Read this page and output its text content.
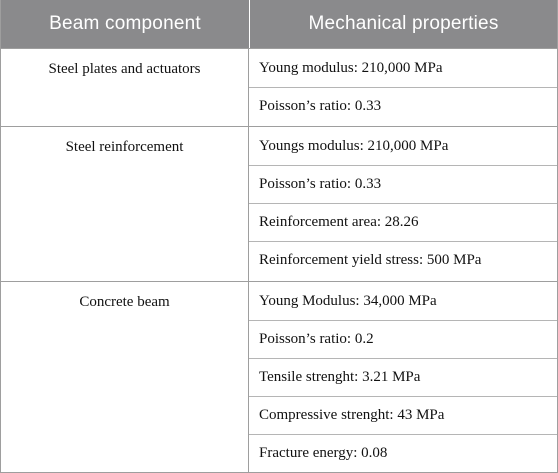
Beam component	Mechanical properties
Steel plates and actuators	Young modulus: 210,000 MPa
Poisson’s ratio: 0.33
Steel reinforcement	Youngs modulus: 210,000 MPa
Poisson’s ratio: 0.33
Reinforcement area: 28.26
Reinforcement yield stress: 500 MPa
Concrete beam	Young Modulus: 34,000 MPa
Poisson’s ratio: 0.2
Tensile strenght: 3.21 MPa
Compressive strenght: 43 MPa
Fracture energy: 0.08
